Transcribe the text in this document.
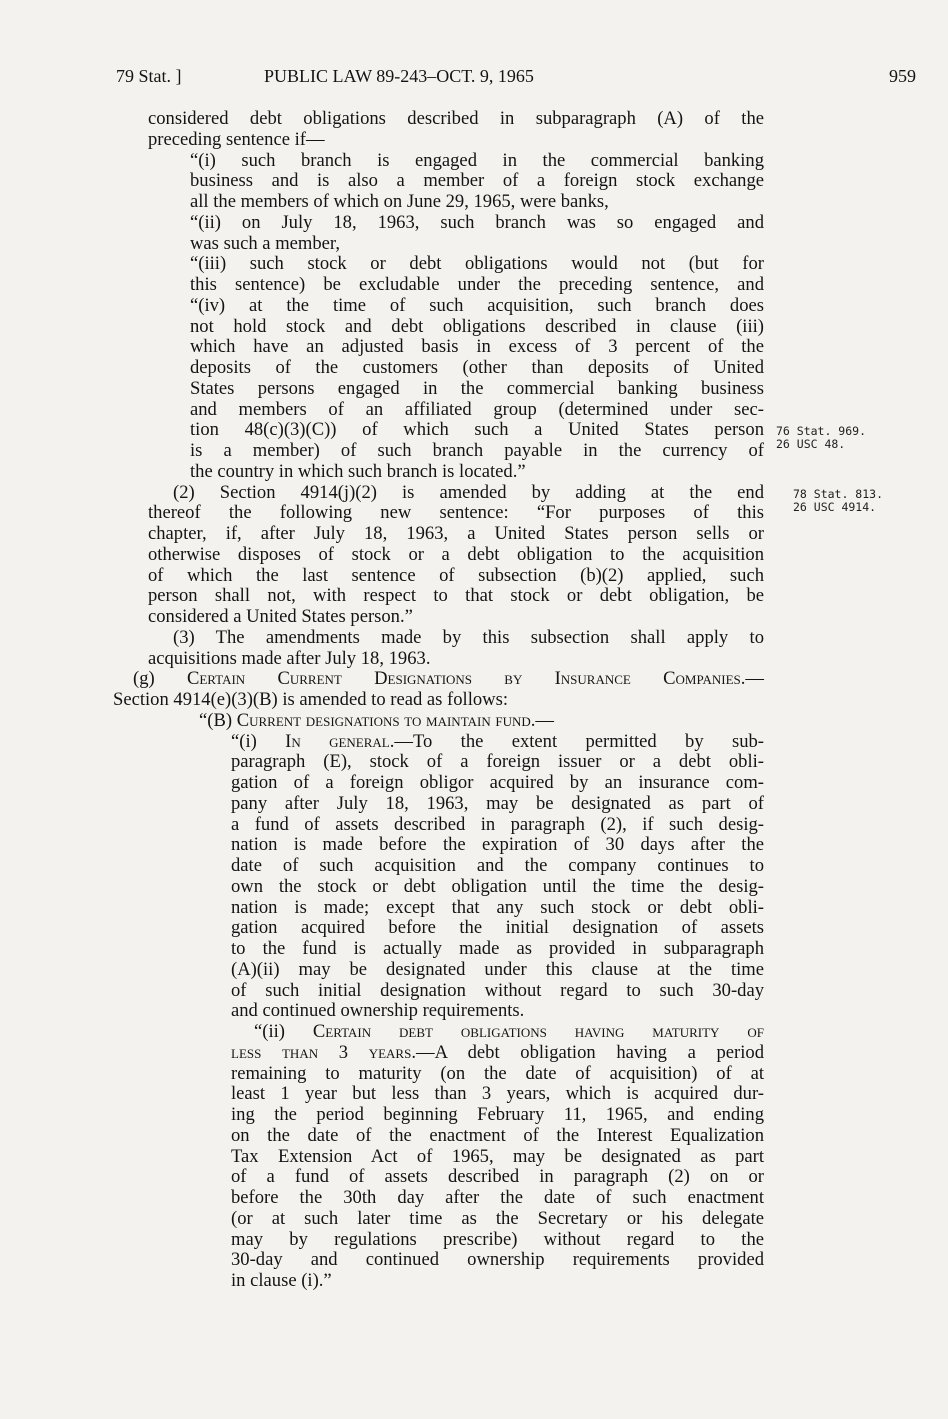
79 Stat. ]	PUBLIC LAW 89-243–OCT. 9, 1965	959
considered debt obligations described in subparagraph (A) of the
preceding sentence if—
“(i) such branch is engaged in the commercial banking
business and is also a member of a foreign stock exchange
all the members of which on June 29, 1965, were banks,
“(ii) on July 18, 1963, such branch was so engaged and
was such a member,
“(iii) such stock or debt obligations would not (but for
this sentence) be excludable under the preceding sentence, and
“(iv) at the time of such acquisition, such branch does
not hold stock and debt obligations described in clause (iii)
which have an adjusted basis in excess of 3 percent of the
deposits of the customers (other than deposits of United
States persons engaged in the commercial banking business
and members of an affiliated group (determined under sec-
tion 48(c)(3)(C)) of which such a United States person
is a member) of such branch payable in the currency of
the country in which such branch is located.”
(2) Section 4914(j)(2) is amended by adding at the end
thereof the following new sentence: “For purposes of this
chapter, if, after July 18, 1963, a United States person sells or
otherwise disposes of stock or a debt obligation to the acquisition
of which the last sentence of subsection (b)(2) applied, such
person shall not, with respect to that stock or debt obligation, be
considered a United States person.”
(3) The amendments made by this subsection shall apply to
acquisitions made after July 18, 1963.
(g) Certain Current Designations by Insurance Companies.—
Section 4914(e)(3)(B) is amended to read as follows:
“(B) Current designations to maintain fund.—
“(i) In general.—To the extent permitted by sub-
paragraph (E), stock of a foreign issuer or a debt obli-
gation of a foreign obligor acquired by an insurance com-
pany after July 18, 1963, may be designated as part of
a fund of assets described in paragraph (2), if such desig-
nation is made before the expiration of 30 days after the
date of such acquisition and the company continues to
own the stock or debt obligation until the time the desig-
nation is made; except that any such stock or debt obli-
gation acquired before the initial designation of assets
to the fund is actually made as provided in subparagraph
(A)(ii) may be designated under this clause at the time
of such initial designation without regard to such 30-day
and continued ownership requirements.
“(ii) Certain debt obligations having maturity of
less than 3 years.—A debt obligation having a period
remaining to maturity (on the date of acquisition) of at
least 1 year but less than 3 years, which is acquired dur-
ing the period beginning February 11, 1965, and ending
on the date of the enactment of the Interest Equalization
Tax Extension Act of 1965, may be designated as part
of a fund of assets described in paragraph (2) on or
before the 30th day after the date of such enactment
(or at such later time as the Secretary or his delegate
may by regulations prescribe) without regard to the
30-day and continued ownership requirements provided
in clause (i).”
76 Stat. 969.
26 USC 48.
78 Stat. 813.
26 USC 4914.
